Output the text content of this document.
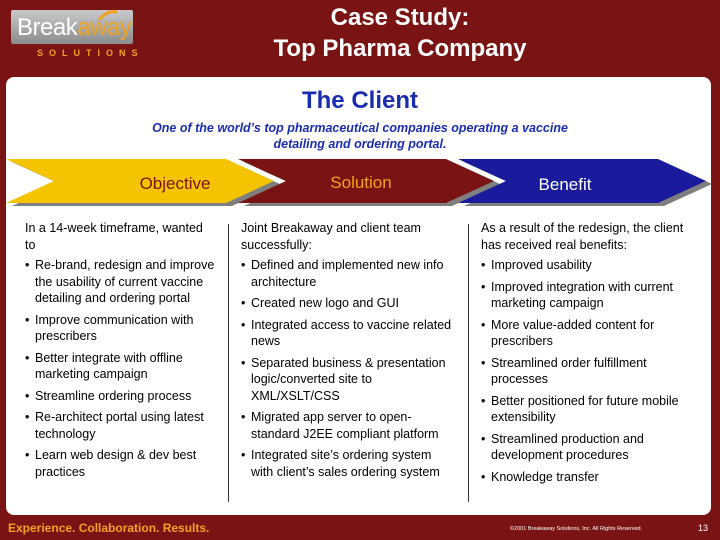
Breakaway
SOLUTIONS
Case Study:
Top Pharma Company
The Client
One of the world’s top pharmaceutical companies operating a vaccine detailing and ordering portal.
Objective	Solution	Benefit

In a 14-week timeframe, wanted to

• Re-brand, redesign and improve the usability of current vaccine detailing and ordering portal
• Improve communication with prescribers
• Better integrate with offline marketing campaign
• Streamline ordering process
• Re-architect portal using latest technology
• Learn web design & dev best practices

Joint Breakaway and client team successfully:

• Defined and implemented new info architecture
• Created new logo and GUI
• Integrated access to vaccine related news
• Separated business & presentation logic/converted site to XML/XSLT/CSS
• Migrated app server to open-standard J2EE compliant platform
• Integrated site’s ordering system with client’s sales ordering system

As a result of the redesign, the client has received real benefits:

• Improved usability
• Improved integration with current marketing campaign
• More value-added content for prescribers
• Streamlined order fulfillment processes
• Better positioned for future mobile extensibility
• Streamlined production and development procedures
• Knowledge transfer
Experience. Collaboration. Results.	©2001 Breakaway Solutions, Inc. All Rights Reserved.	13
